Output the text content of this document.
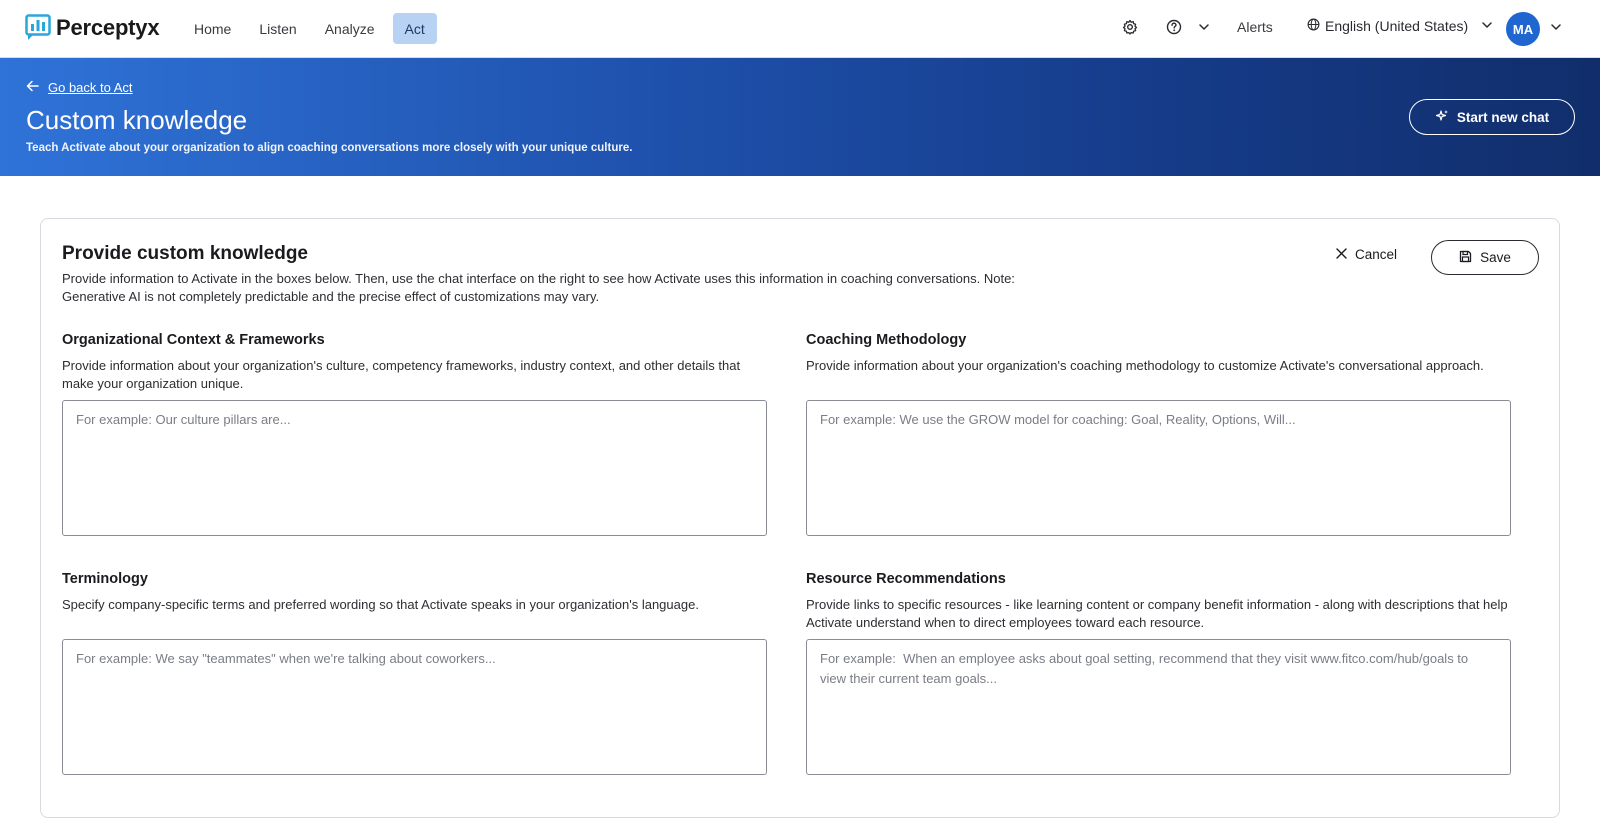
Perceptyx	Home	Listen	Analyze	Act	Alerts	English (United States)	MA
Go back to Act
Custom knowledge

Teach Activate about your organization to align coaching conversations more closely with your unique culture.

Start new chat
Provide custom knowledge

Provide information to Activate in the boxes below. Then, use the chat interface on the right to see how Activate uses this information in coaching conversations. Note: Generative AI is not completely predictable and the precise effect of customizations may vary.

Cancel	Save
Organizational Context & Frameworks

Provide information about your organization's culture, competency frameworks, industry context, and other details that make your organization unique.

For example: Our culture pillars are...
Coaching Methodology

Provide information about your organization's coaching methodology to customize Activate's conversational approach.

For example: We use the GROW model for coaching: Goal, Reality, Options, Will...
Terminology

Specify company-specific terms and preferred wording so that Activate speaks in your organization's language.

For example: We say "teammates" when we're talking about coworkers...
Resource Recommendations

Provide links to specific resources - like learning content or company benefit information - along with descriptions that help Activate understand when to direct employees toward each resource.

For example: When an employee asks about goal setting, recommend that they visit www.fitco.com/hub/goals to view their current team goals...
